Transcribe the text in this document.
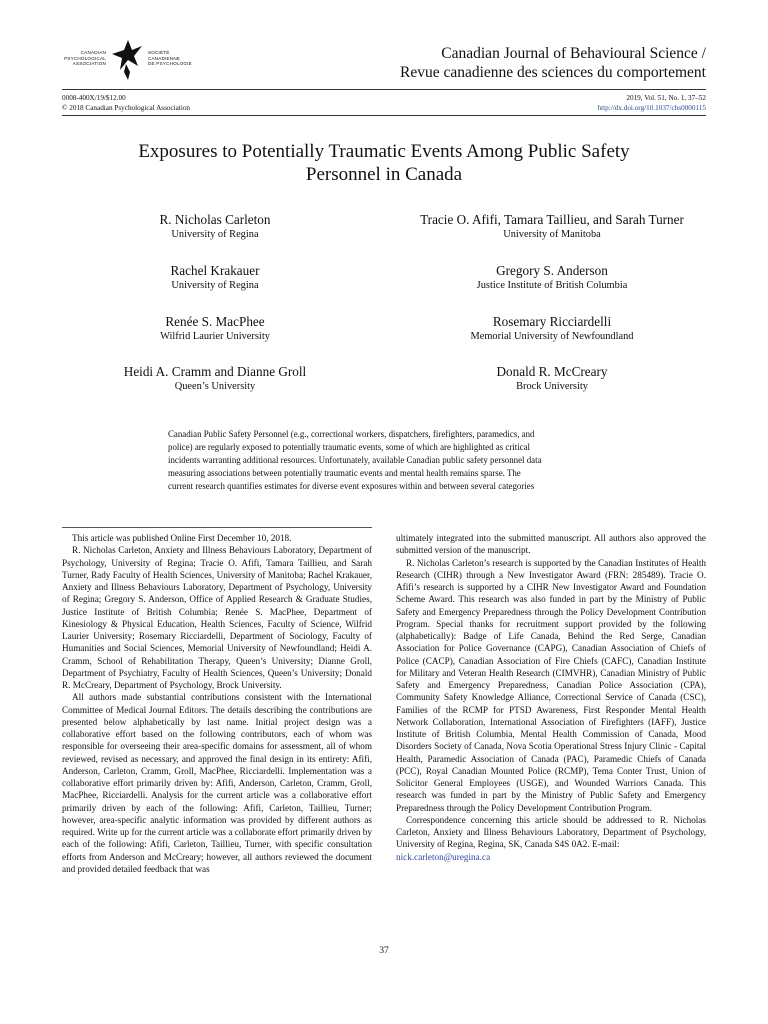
CANADIAN
PSYCHOLOGICAL
ASSOCIATION
SOCIÉTÉ
CANADIENNE
DE PSYCHOLOGIE
Canadian Journal of Behavioural Science /
Revue canadienne des sciences du comportement
0008-400X/19/$12.00
© 2018 Canadian Psychological Association
2019, Vol. 51, No. 1, 37–52
http://dx.doi.org/10.1037/cbs0000115
Exposures to Potentially Traumatic Events Among Public Safety
Personnel in Canada
R. Nicholas Carleton
University of Regina
Tracie O. Afifi, Tamara Taillieu, and Sarah Turner
University of Manitoba
Rachel Krakauer
University of Regina
Gregory S. Anderson
Justice Institute of British Columbia
Renée S. MacPhee
Wilfrid Laurier University
Rosemary Ricciardelli
Memorial University of Newfoundland
Heidi A. Cramm and Dianne Groll
Queen’s University
Donald R. McCreary
Brock University
Canadian Public Safety Personnel (e.g., correctional workers, dispatchers, firefighters, paramedics, and
police) are regularly exposed to potentially traumatic events, some of which are highlighted as critical
incidents warranting additional resources. Unfortunately, available Canadian public safety personnel data
measuring associations between potentially traumatic events and mental health remains sparse. The
current research quantifies estimates for diverse event exposures within and between several categories

This article was published Online First December 10, 2018.

R. Nicholas Carleton, Anxiety and Illness Behaviours Laboratory, Department of Psychology, University of Regina; Tracie O. Afifi, Tamara Taillieu, and Sarah Turner, Rady Faculty of Health Sciences, University of Manitoba; Rachel Krakauer, Anxiety and Illness Behaviours Laboratory, Department of Psychology, University of Regina; Gregory S. Anderson, Office of Applied Research & Graduate Studies, Justice Institute of British Columbia; Renée S. MacPhee, Department of Kinesiology & Physical Education, Health Sciences, Faculty of Science, Wilfrid Laurier University; Rosemary Ricciardelli, Department of Sociology, Faculty of Humanities and Social Sciences, Memorial University of Newfoundland; Heidi A. Cramm, School of Rehabilitation Therapy, Queen’s University; Dianne Groll, Department of Psychiatry, Faculty of Health Sciences, Queen’s University; Donald R. McCreary, Department of Psychology, Brock University.

All authors made substantial contributions consistent with the International Committee of Medical Journal Editors. The details describing the contributions are presented below alphabetically by last name. Initial project design was a collaborative effort based on the following contributors, each of whom was responsible for overseeing their area-specific domains for assessment, all of whom reviewed, revised as necessary, and approved the final design in its entirety: Afifi, Anderson, Carleton, Cramm, Groll, MacPhee, Ricciardelli. Implementation was a collaborative effort primarily driven by: Afifi, Anderson, Carleton, Cramm, Groll, MacPhee, Ricciardelli. Analysis for the current article was a collaborative effort primarily driven by each of the following: Afifi, Carleton, Taillieu, Turner; however, area-specific analytic information was provided by different authors as required. Write up for the current article was a collaborate effort primarily driven by each of the following: Afifi, Carleton, Taillieu, Turner, with specific consultation efforts from Anderson and McCreary; however, all authors reviewed the document and provided detailed feedback that was

ultimately integrated into the submitted manuscript. All authors also approved the submitted version of the manuscript.

R. Nicholas Carleton’s research is supported by the Canadian Institutes of Health Research (CIHR) through a New Investigator Award (FRN: 285489). Tracie O. Afifi’s research is supported by a CIHR New Investigator Award and Foundation Scheme Award. This research was also funded in part by the Ministry of Public Safety and Emergency Preparedness through the Policy Development Contribution Program. Special thanks for recruitment support provided by the following (alphabetically): Badge of Life Canada, Behind the Red Serge, Canadian Association for Police Governance (CAPG), Canadian Association of Chiefs of Police (CACP), Canadian Association of Fire Chiefs (CAFC), Canadian Institute for Military and Veteran Health Research (CIMVHR), Canadian Ministry of Public Safety and Emergency Preparedness, Canadian Police Association (CPA), Community Safety Knowledge Alliance, Correctional Service of Canada (CSC), Families of the RCMP for PTSD Awareness, First Responder Mental Health Network Collaboration, International Association of Firefighters (IAFF), Justice Institute of British Columbia, Mental Health Commission of Canada, Mood Disorders Society of Canada, Nova Scotia Operational Stress Injury Clinic - Capital Health, Paramedic Association of Canada (PAC), Paramedic Chiefs of Canada (PCC), Royal Canadian Mounted Police (RCMP), Tema Conter Trust, Union of Solicitor General Employees (USGE), and Wounded Warriors Canada. This research was funded in part by the Ministry of Public Safety and Emergency Preparedness through the Policy Development Contribution Program.

Correspondence concerning this article should be addressed to R. Nicholas Carleton, Anxiety and Illness Behaviours Laboratory, Department of Psychology, University of Regina, Regina, SK, Canada S4S 0A2. E-mail:

nick.carleton@uregina.ca

37
